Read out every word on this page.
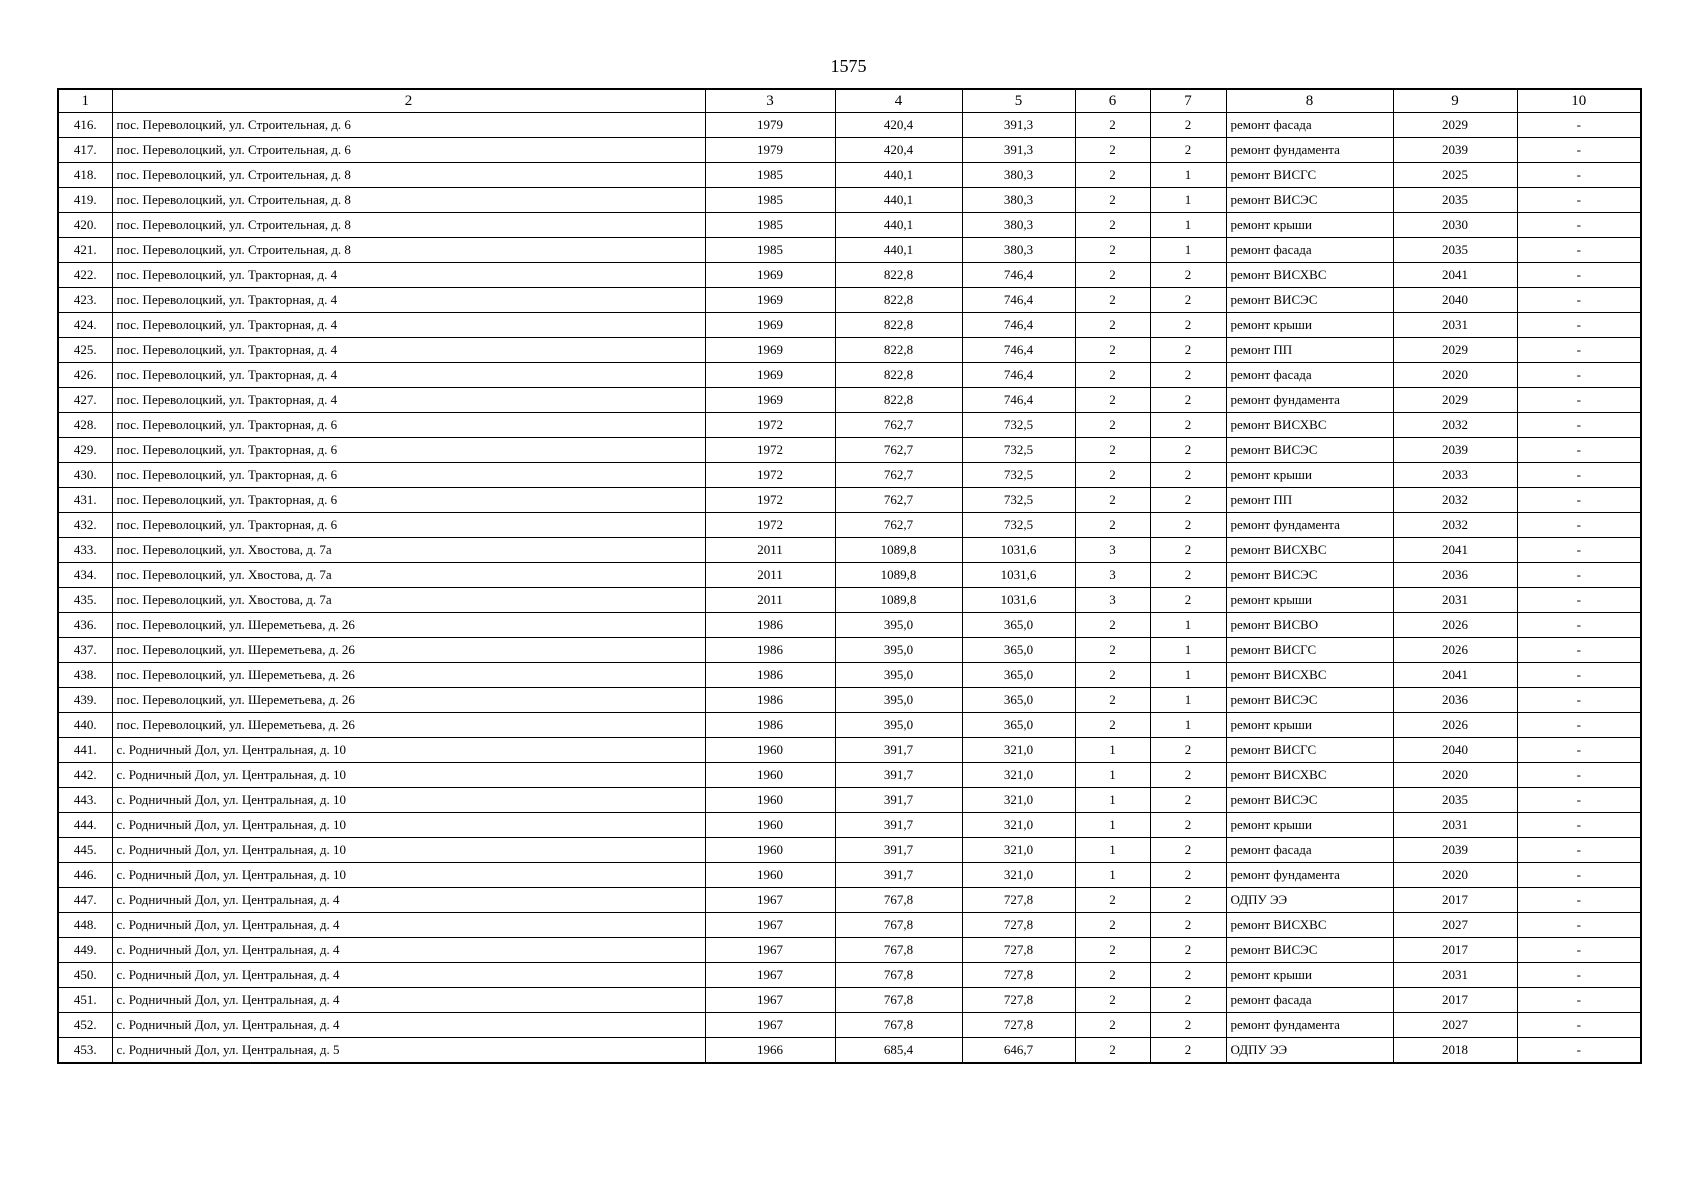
1575
1	2	3	4	5	6	7	8	9	10
416.	пос. Переволоцкий, ул. Строительная, д. 6	1979	420,4	391,3	2	2	ремонт фасада	2029	-
417.	пос. Переволоцкий, ул. Строительная, д. 6	1979	420,4	391,3	2	2	ремонт фундамента	2039	-
418.	пос. Переволоцкий, ул. Строительная, д. 8	1985	440,1	380,3	2	1	ремонт ВИСГС	2025	-
419.	пос. Переволоцкий, ул. Строительная, д. 8	1985	440,1	380,3	2	1	ремонт ВИСЭС	2035	-
420.	пос. Переволоцкий, ул. Строительная, д. 8	1985	440,1	380,3	2	1	ремонт крыши	2030	-
421.	пос. Переволоцкий, ул. Строительная, д. 8	1985	440,1	380,3	2	1	ремонт фасада	2035	-
422.	пос. Переволоцкий, ул. Тракторная, д. 4	1969	822,8	746,4	2	2	ремонт ВИСХВС	2041	-
423.	пос. Переволоцкий, ул. Тракторная, д. 4	1969	822,8	746,4	2	2	ремонт ВИСЭС	2040	-
424.	пос. Переволоцкий, ул. Тракторная, д. 4	1969	822,8	746,4	2	2	ремонт крыши	2031	-
425.	пос. Переволоцкий, ул. Тракторная, д. 4	1969	822,8	746,4	2	2	ремонт ПП	2029	-
426.	пос. Переволоцкий, ул. Тракторная, д. 4	1969	822,8	746,4	2	2	ремонт фасада	2020	-
427.	пос. Переволоцкий, ул. Тракторная, д. 4	1969	822,8	746,4	2	2	ремонт фундамента	2029	-
428.	пос. Переволоцкий, ул. Тракторная, д. 6	1972	762,7	732,5	2	2	ремонт ВИСХВС	2032	-
429.	пос. Переволоцкий, ул. Тракторная, д. 6	1972	762,7	732,5	2	2	ремонт ВИСЭС	2039	-
430.	пос. Переволоцкий, ул. Тракторная, д. 6	1972	762,7	732,5	2	2	ремонт крыши	2033	-
431.	пос. Переволоцкий, ул. Тракторная, д. 6	1972	762,7	732,5	2	2	ремонт ПП	2032	-
432.	пос. Переволоцкий, ул. Тракторная, д. 6	1972	762,7	732,5	2	2	ремонт фундамента	2032	-
433.	пос. Переволоцкий, ул. Хвостова, д. 7а	2011	1089,8	1031,6	3	2	ремонт ВИСХВС	2041	-
434.	пос. Переволоцкий, ул. Хвостова, д. 7а	2011	1089,8	1031,6	3	2	ремонт ВИСЭС	2036	-
435.	пос. Переволоцкий, ул. Хвостова, д. 7а	2011	1089,8	1031,6	3	2	ремонт крыши	2031	-
436.	пос. Переволоцкий, ул. Шереметьева, д. 26	1986	395,0	365,0	2	1	ремонт ВИСВО	2026	-
437.	пос. Переволоцкий, ул. Шереметьева, д. 26	1986	395,0	365,0	2	1	ремонт ВИСГС	2026	-
438.	пос. Переволоцкий, ул. Шереметьева, д. 26	1986	395,0	365,0	2	1	ремонт ВИСХВС	2041	-
439.	пос. Переволоцкий, ул. Шереметьева, д. 26	1986	395,0	365,0	2	1	ремонт ВИСЭС	2036	-
440.	пос. Переволоцкий, ул. Шереметьева, д. 26	1986	395,0	365,0	2	1	ремонт крыши	2026	-
441.	с. Родничный Дол, ул. Центральная, д. 10	1960	391,7	321,0	1	2	ремонт ВИСГС	2040	-
442.	с. Родничный Дол, ул. Центральная, д. 10	1960	391,7	321,0	1	2	ремонт ВИСХВС	2020	-
443.	с. Родничный Дол, ул. Центральная, д. 10	1960	391,7	321,0	1	2	ремонт ВИСЭС	2035	-
444.	с. Родничный Дол, ул. Центральная, д. 10	1960	391,7	321,0	1	2	ремонт крыши	2031	-
445.	с. Родничный Дол, ул. Центральная, д. 10	1960	391,7	321,0	1	2	ремонт фасада	2039	-
446.	с. Родничный Дол, ул. Центральная, д. 10	1960	391,7	321,0	1	2	ремонт фундамента	2020	-
447.	с. Родничный Дол, ул. Центральная, д. 4	1967	767,8	727,8	2	2	ОДПУ ЭЭ	2017	-
448.	с. Родничный Дол, ул. Центральная, д. 4	1967	767,8	727,8	2	2	ремонт ВИСХВС	2027	-
449.	с. Родничный Дол, ул. Центральная, д. 4	1967	767,8	727,8	2	2	ремонт ВИСЭС	2017	-
450.	с. Родничный Дол, ул. Центральная, д. 4	1967	767,8	727,8	2	2	ремонт крыши	2031	-
451.	с. Родничный Дол, ул. Центральная, д. 4	1967	767,8	727,8	2	2	ремонт фасада	2017	-
452.	с. Родничный Дол, ул. Центральная, д. 4	1967	767,8	727,8	2	2	ремонт фундамента	2027	-
453.	с. Родничный Дол, ул. Центральная, д. 5	1966	685,4	646,7	2	2	ОДПУ ЭЭ	2018	-
